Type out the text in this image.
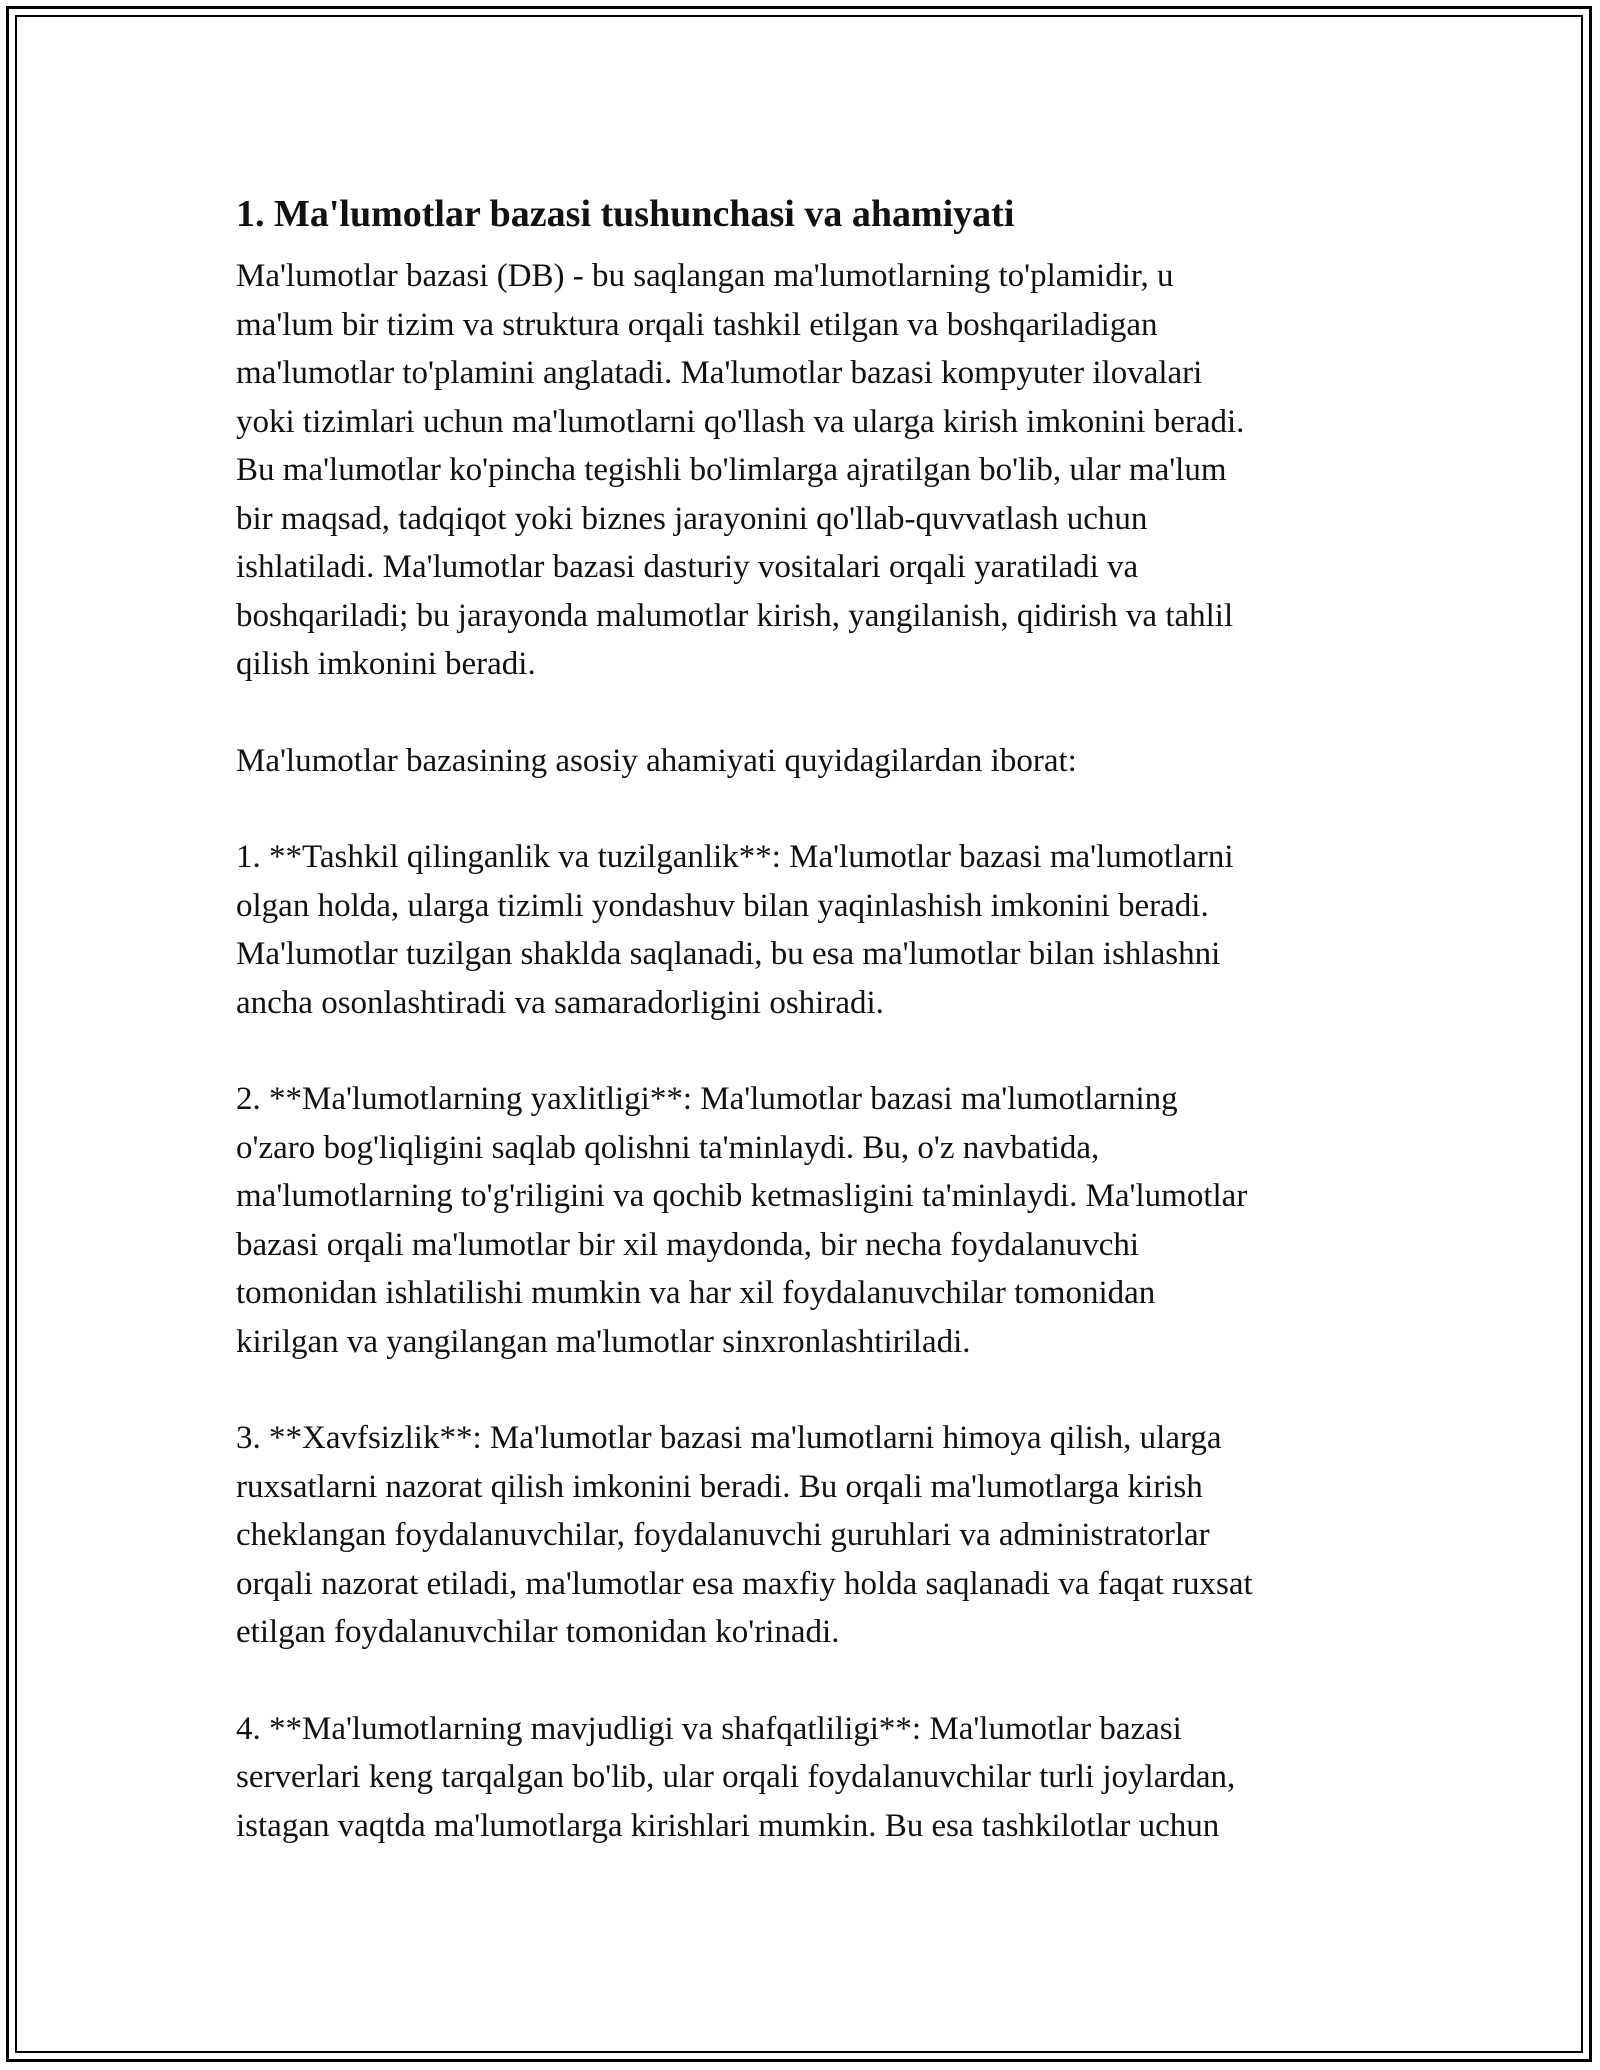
1. Ma'lumotlar bazasi tushunchasi va ahamiyati

Ma'lumotlar bazasi (DB) - bu saqlangan ma'lumotlarning to'plamidir, u
ma'lum bir tizim va struktura orqali tashkil etilgan va boshqariladigan
ma'lumotlar to'plamini anglatadi. Ma'lumotlar bazasi kompyuter ilovalari
yoki tizimlari uchun ma'lumotlarni qo'llash va ularga kirish imkonini beradi.
Bu ma'lumotlar ko'pincha tegishli bo'limlarga ajratilgan bo'lib, ular ma'lum
bir maqsad, tadqiqot yoki biznes jarayonini qo'llab-quvvatlash uchun
ishlatiladi. Ma'lumotlar bazasi dasturiy vositalari orqali yaratiladi va
boshqariladi; bu jarayonda malumotlar kirish, yangilanish, qidirish va tahlil
qilish imkonini beradi.

Ma'lumotlar bazasining asosiy ahamiyati quyidagilardan iborat:

1. **Tashkil qilinganlik va tuzilganlik**: Ma'lumotlar bazasi ma'lumotlarni
olgan holda, ularga tizimli yondashuv bilan yaqinlashish imkonini beradi.
Ma'lumotlar tuzilgan shaklda saqlanadi, bu esa ma'lumotlar bilan ishlashni
ancha osonlashtiradi va samaradorligini oshiradi.

2. **Ma'lumotlarning yaxlitligi**: Ma'lumotlar bazasi ma'lumotlarning
o'zaro bog'liqligini saqlab qolishni ta'minlaydi. Bu, o'z navbatida,
ma'lumotlarning to'g'riligini va qochib ketmasligini ta'minlaydi. Ma'lumotlar
bazasi orqali ma'lumotlar bir xil maydonda, bir necha foydalanuvchi
tomonidan ishlatilishi mumkin va har xil foydalanuvchilar tomonidan
kirilgan va yangilangan ma'lumotlar sinxronlashtiriladi.

3. **Xavfsizlik**: Ma'lumotlar bazasi ma'lumotlarni himoya qilish, ularga
ruxsatlarni nazorat qilish imkonini beradi. Bu orqali ma'lumotlarga kirish
cheklangan foydalanuvchilar, foydalanuvchi guruhlari va administratorlar
orqali nazorat etiladi, ma'lumotlar esa maxfiy holda saqlanadi va faqat ruxsat
etilgan foydalanuvchilar tomonidan ko'rinadi.

4. **Ma'lumotlarning mavjudligi va shafqatliligi**: Ma'lumotlar bazasi
serverlari keng tarqalgan bo'lib, ular orqali foydalanuvchilar turli joylardan,
istagan vaqtda ma'lumotlarga kirishlari mumkin. Bu esa tashkilotlar uchun
